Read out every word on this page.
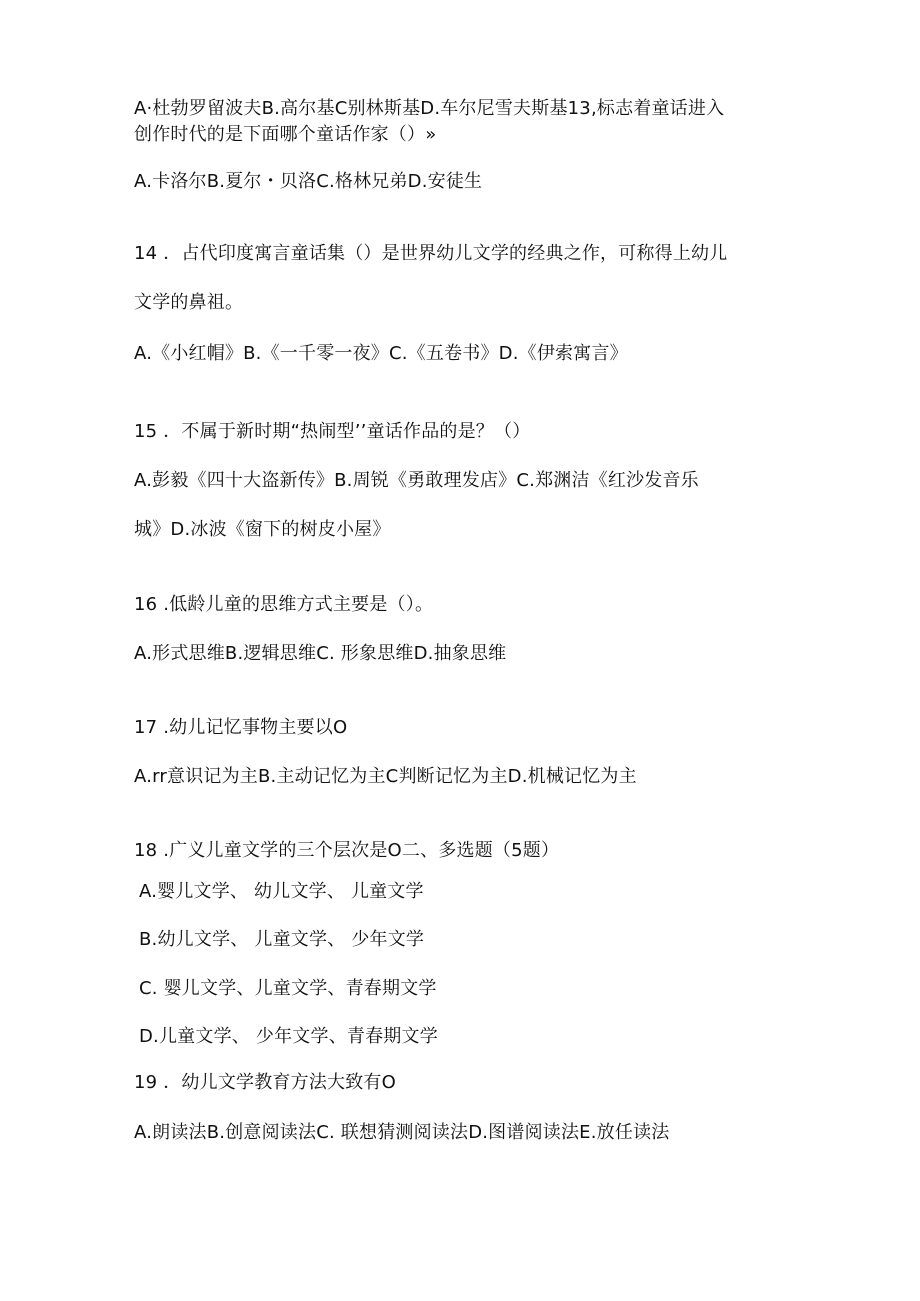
A·杜勃罗留波夫B.高尔基C别林斯基D.车尔尼雪夫斯基13,标志着童话进入
创作时代的是下面哪个童话作家（）»
A.卡洛尔B.夏尔・贝洛C.格林兄弟D.安徒生
14 ．占代印度寓言童话集（）是世界幼儿文学的经典之作，可称得上幼儿
文学的鼻祖。
A.《小红帽》B.《一千零一夜》C.《五卷书》D.《伊索寓言》
15 ．不属于新时期“热闹型’’童话作品的是？（）
A.彭毅《四十大盗新传》B.周锐《勇敢理发店》C.郑渊洁《红沙发音乐
城》D.冰波《窗下的树皮小屋》
16 .低龄儿童的思维方式主要是（）。
A.形式思维B.逻辑思维C. 形象思维D.抽象思维
17 .幼儿记忆事物主要以O
A.rr意识记为主B.主动记忆为主C判断记忆为主D.机械记忆为主
18 .广义儿童文学的三个层次是O二、多选题（5题）
A.婴儿文学、 幼儿文学、 儿童文学
B.幼儿文学、 儿童文学、 少年文学
C. 婴儿文学、儿童文学、青春期文学
D.儿童文学、 少年文学、青春期文学
19 ．幼儿文学教育方法大致有O
A.朗读法B.创意阅读法C. 联想猜测阅读法D.图谱阅读法E.放任读法
